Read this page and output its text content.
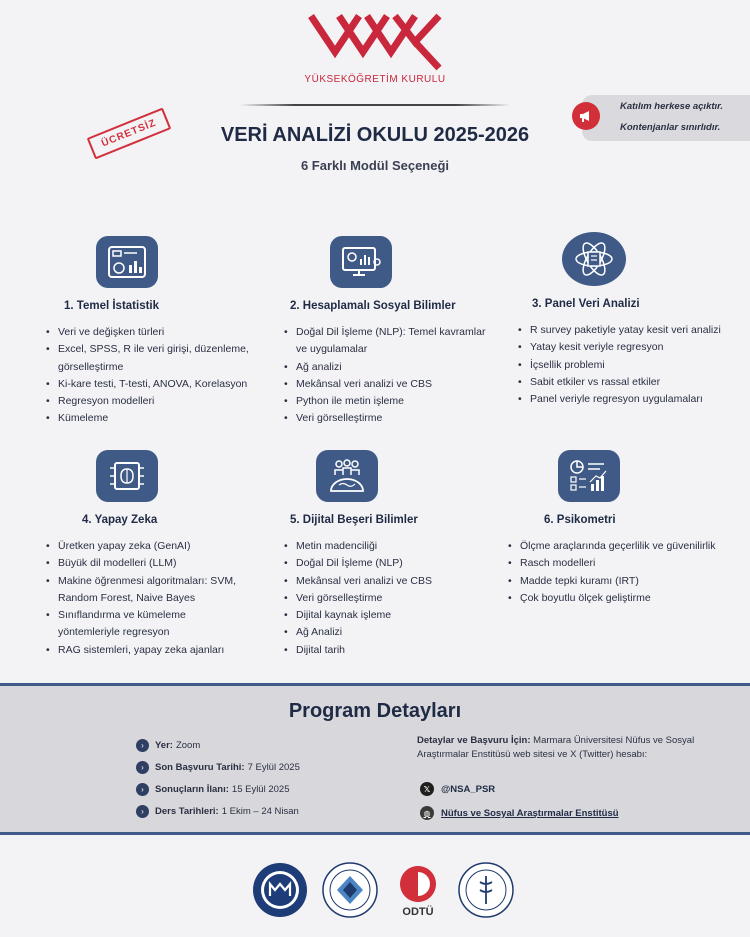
YÜKSEKÖĞRETİM KURULU
ÜCRETSİZ	VERİ ANALİZİ OKULU 2025-2026
6 Farklı Modül Seçeneği
Katılım herkese açıktır.
Kontenjanlar sınırlıdır.
1. Temel İstatistik
• Veri ve değişken türleri
• Excel, SPSS, R ile veri girişi, düzenleme,
görselleştirme
• Ki-kare testi, T-testi, ANOVA, Korelasyon
• Regresyon modelleri
• Kümeleme
2. Hesaplamalı Sosyal Bilimler
• Doğal Dil İşleme (NLP): Temel kavramlar
ve uygulamalar
• Ağ analizi
• Mekânsal veri analizi ve CBS
• Python ile metin işleme
• Veri görselleştirme
3. Panel Veri Analizi
• R survey paketiyle yatay kesit veri analizi
• Yatay kesit veriyle regresyon
• İçsellik problemi
• Sabit etkiler vs rassal etkiler
• Panel veriyle regresyon uygulamaları
4. Yapay Zeka
• Üretken yapay zeka (GenAI)
• Büyük dil modelleri (LLM)
• Makine öğrenmesi algoritmaları: SVM,
Random Forest, Naive Bayes
• Sınıflandırma ve kümeleme
yöntemleriyle regresyon
• RAG sistemleri, yapay zeka ajanları
5. Dijital Beşeri Bilimler
• Metin madenciliği
• Doğal Dil İşleme (NLP)
• Mekânsal veri analizi ve CBS
• Veri görselleştirme
• Dijital kaynak işleme
• Ağ Analizi
• Dijital tarih
6. Psikometri
• Ölçme araçlarında geçerlilik ve güvenilirlik
• Rasch modelleri
• Madde tepki kuramı (IRT)
• Çok boyutlu ölçek geliştirme
Program Detayları
›	Yer: Zoom
›	Son Başvuru Tarihi: 7 Eylül 2025
›	Sonuçların İlanı: 15 Eylül 2025
›	Ders Tarihleri: 1 Ekim – 24 Nisan
Detaylar ve Başvuru İçin: Marmara Üniversitesi Nüfus ve Sosyal Araştırmalar Enstitüsü web sitesi ve X (Twitter) hesabı:
𝕏	@NSA_PSR
◍	Nüfus ve Sosyal Araştırmalar Enstitüsü
ODTÜ
